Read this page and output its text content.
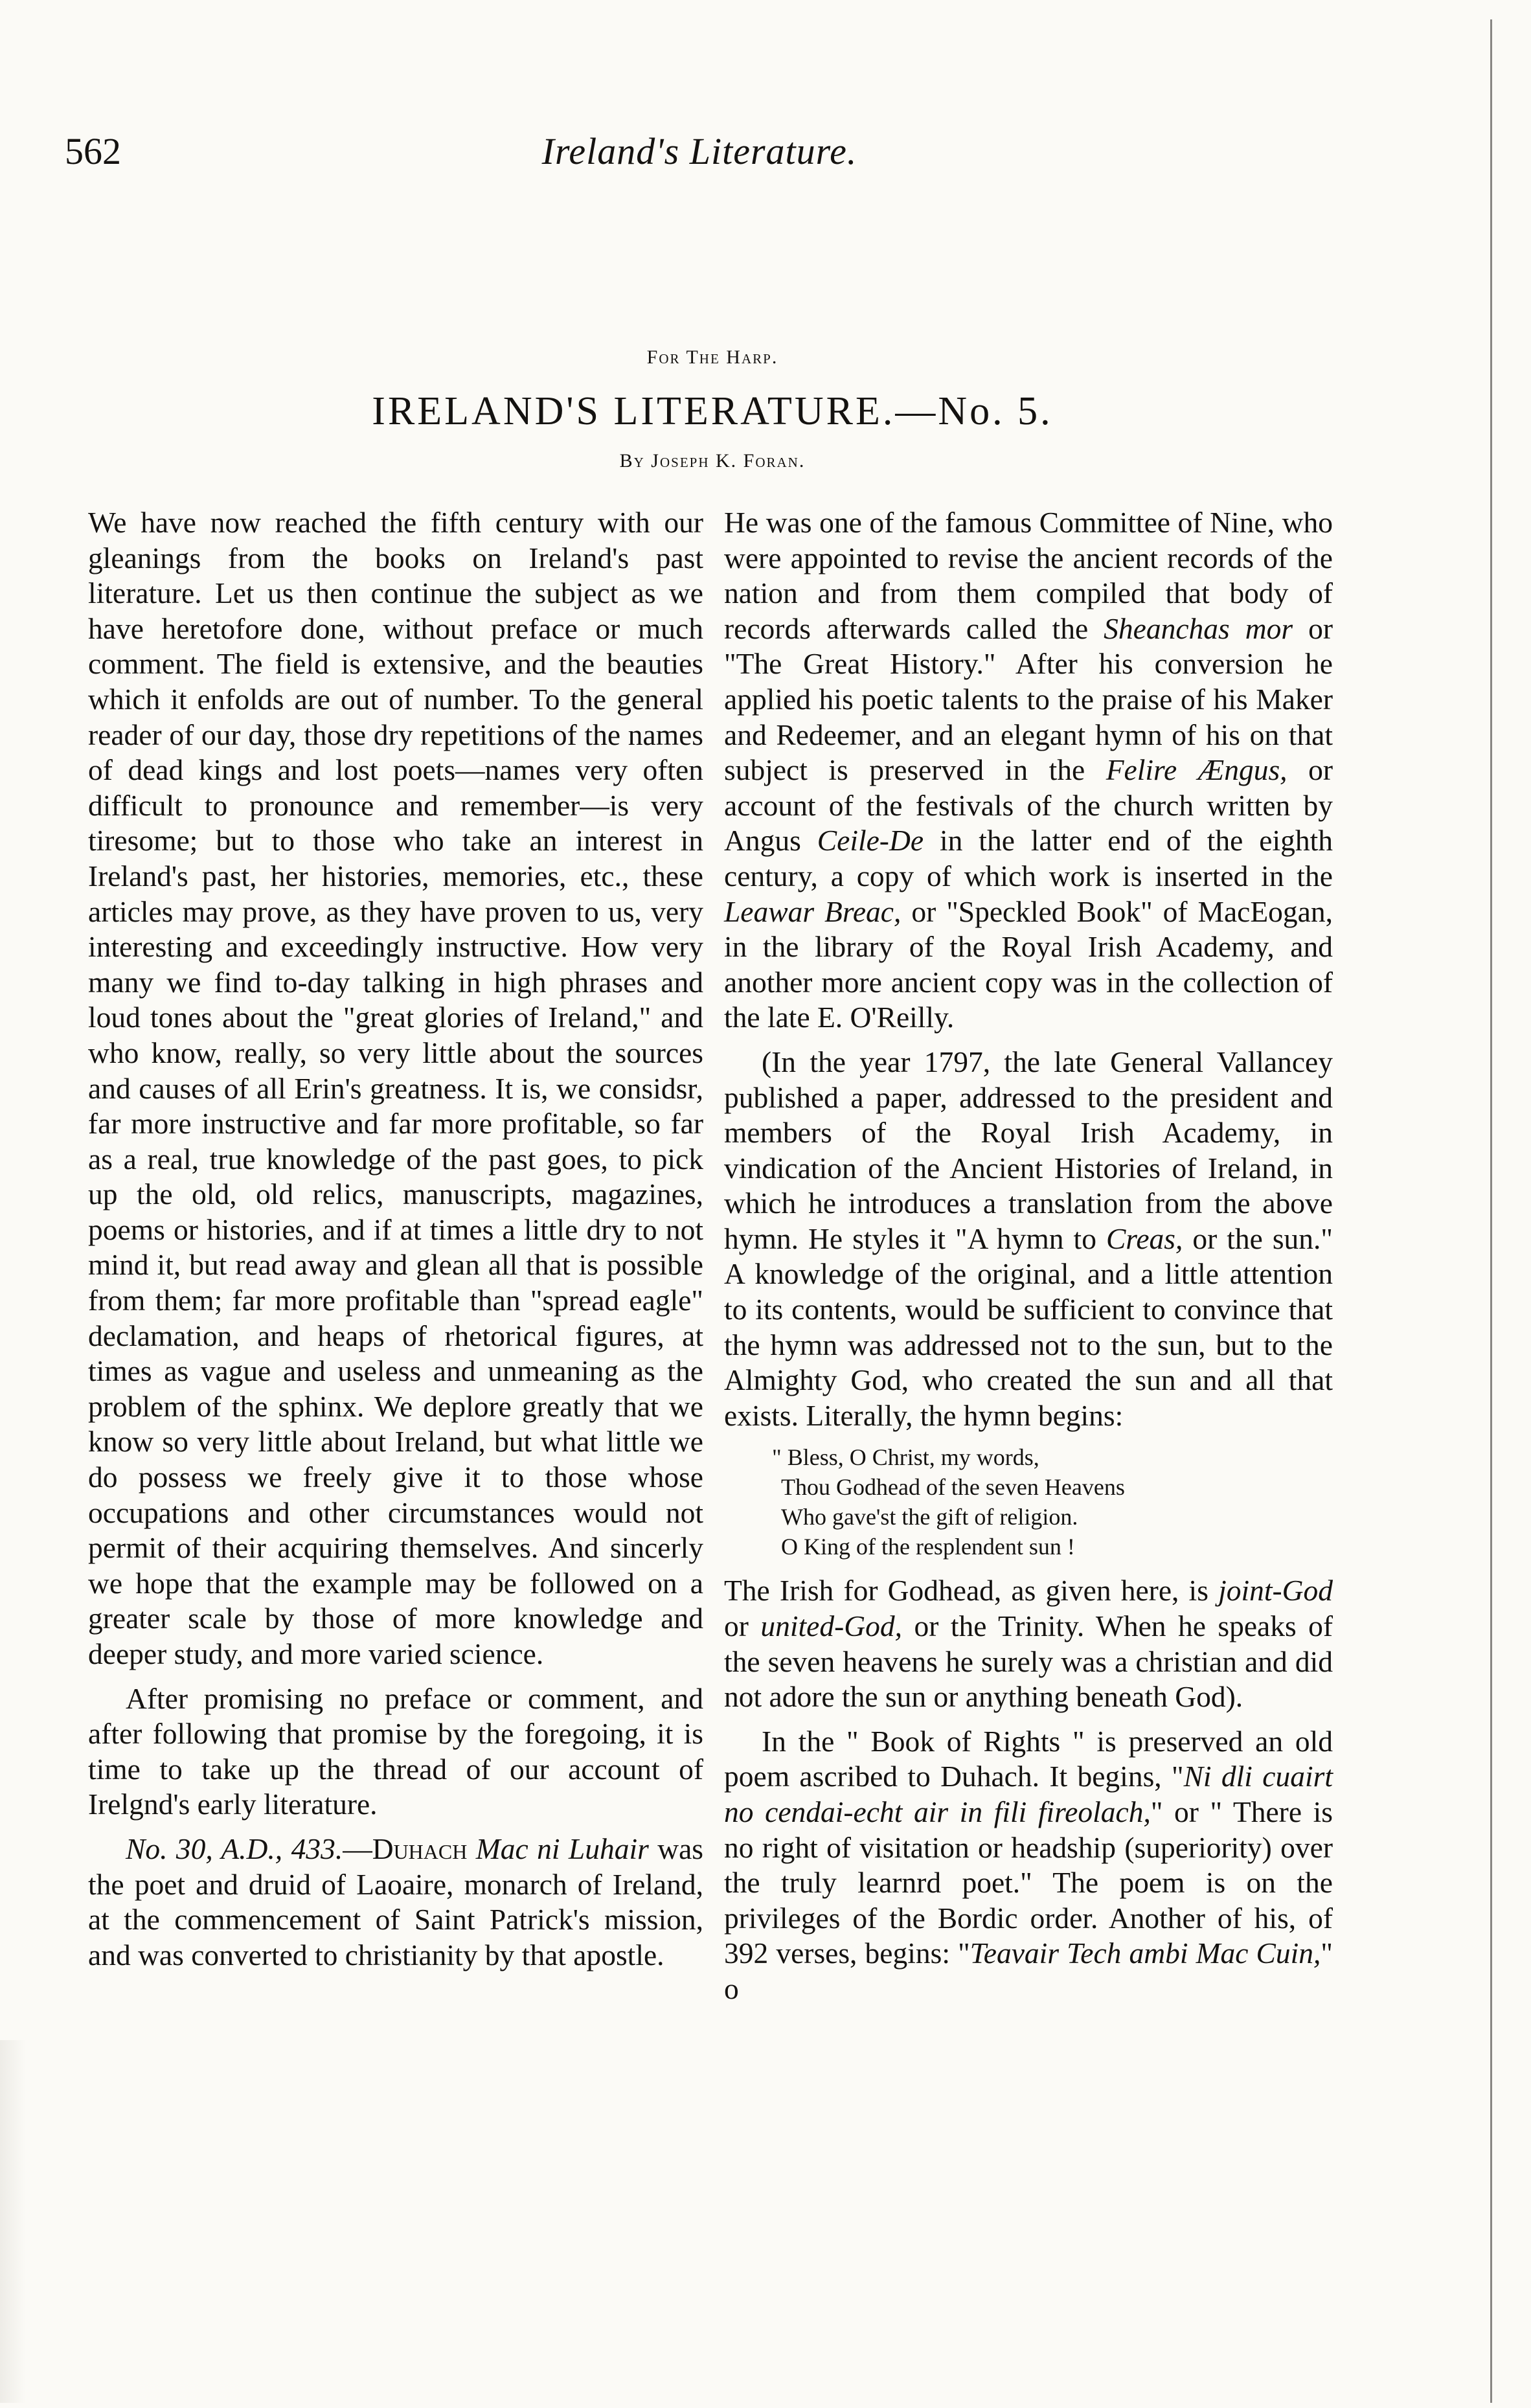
562	Ireland's Literature.
For The Harp.
IRELAND'S LITERATURE.—No. 5.
By Joseph K. Foran.

We have now reached the fifth century with our gleanings from the books on Ireland's past literature. Let us then continue the subject as we have heretofore done, without preface or much comment. The field is extensive, and the beauties which it enfolds are out of number. To the general reader of our day, those dry repetitions of the names of dead kings and lost poets—names very often difficult to pronounce and remember—is very tiresome; but to those who take an interest in Ireland's past, her histories, memories, etc., these articles may prove, as they have proven to us, very interesting and exceedingly instructive. How very many we find to-day talking in high phrases and loud tones about the "great glories of Ireland," and who know, really, so very little about the sources and causes of all Erin's greatness. It is, we considsr, far more instructive and far more profitable, so far as a real, true knowledge of the past goes, to pick up the old, old relics, manuscripts, magazines, poems or histories, and if at times a little dry to not mind it, but read away and glean all that is possible from them; far more profitable than "spread eagle" declamation, and heaps of rhetorical figures, at times as vague and useless and unmeaning as the problem of the sphinx. We deplore greatly that we know so very little about Ireland, but what little we do possess we freely give it to those whose occupations and other circumstances would not permit of their acquiring themselves. And sincerly we hope that the example may be followed on a greater scale by those of more knowledge and deeper study, and more varied science.

After promising no preface or comment, and after following that promise by the foregoing, it is time to take up the thread of our account of Irelgnd's early literature.

No. 30, A.D., 433.—Duhach Mac ni Luhair was the poet and druid of Laoaire, monarch of Ireland, at the commencement of Saint Patrick's mission, and was converted to christianity by that apostle.

He was one of the famous Committee of Nine, who were appointed to revise the ancient records of the nation and from them compiled that body of records afterwards called the Sheanchas mor or "The Great History." After his conversion he applied his poetic talents to the praise of his Maker and Redeemer, and an elegant hymn of his on that subject is preserved in the Felire Ængus, or account of the festivals of the church written by Angus Ceile-De in the latter end of the eighth century, a copy of which work is inserted in the Leawar Breac, or "Speckled Book" of MacEogan, in the library of the Royal Irish Academy, and another more ancient copy was in the collection of the late E. O'Reilly.

(In the year 1797, the late General Vallancey published a paper, addressed to the president and members of the Royal Irish Academy, in vindication of the Ancient Histories of Ireland, in which he introduces a translation from the above hymn. He styles it "A hymn to Creas, or the sun." A knowledge of the original, and a little attention to its contents, would be sufficient to convince that the hymn was addressed not to the sun, but to the Almighty God, who created the sun and all that exists. Literally, the hymn begins:

" Bless, O Christ, my words,
Thou Godhead of the seven Heavens
Who gave'st the gift of religion.
O King of the resplendent sun !

The Irish for Godhead, as given here, is joint-God or united-God, or the Trinity. When he speaks of the seven heavens he surely was a christian and did not adore the sun or anything beneath God).

In the " Book of Rights " is preserved an old poem ascribed to Duhach. It begins, "Ni dli cuairt no cendai-echt air in fili fireolach," or " There is no right of visitation or headship (superiority) over the truly learnrd poet." The poem is on the privileges of the Bordic order. Another of his, of 392 verses, begins: "Teavair Tech ambi Mac Cuin," o
